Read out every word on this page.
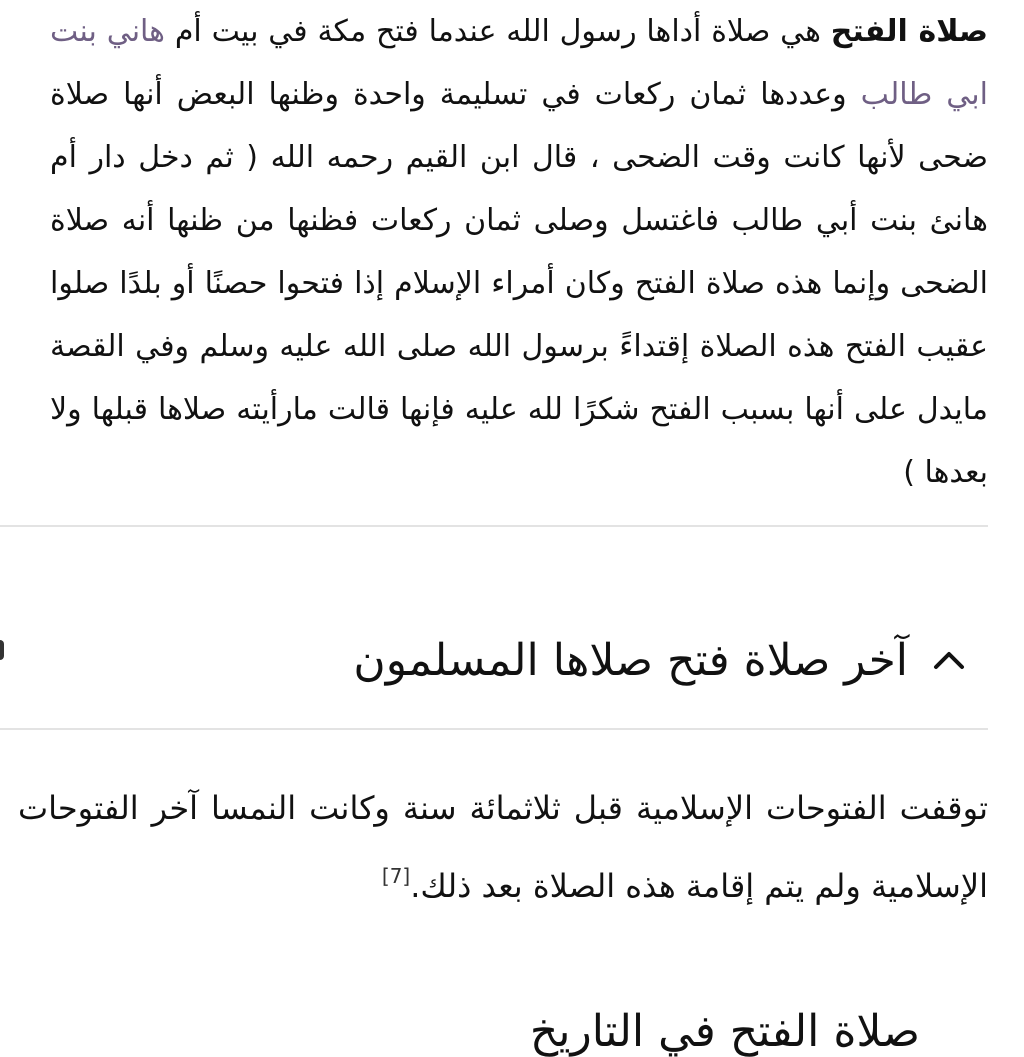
صلاة الفتح هي صلاة أداها رسول الله عندما فتح مكة في بيت أم هاني بنت ابي طالب وعددها ثمان ركعات في تسليمة واحدة وظنها البعض أنها صلاة ضحى لأنها كانت وقت الضحى ، قال ابن القيم رحمه الله ( ثم دخل دار أم هانئ بنت أبي طالب فاغتسل وصلى ثمان ركعات فظنها من ظنها أنه صلاة الضحى وإنما هذه صلاة الفتح وكان أمراء الإسلام إذا فتحوا حصنًا أو بلدًا صلوا عقيب الفتح هذه الصلاة إقتداءً برسول الله صلى الله عليه وسلم وفي القصة مايدل على أنها بسبب الفتح شكرًا لله عليه فإنها قالت مارأيته صلاها قبلها ولا بعدها )

آخر صلاة فتح صلاها المسلمون

توقفت الفتوحات الإسلامية قبل ثلاثمائة سنة وكانت النمسا آخر الفتوحات الإسلامية ولم يتم إقامة هذه الصلاة بعد ذلك.[7]

صلاة الفتح في التاريخ
